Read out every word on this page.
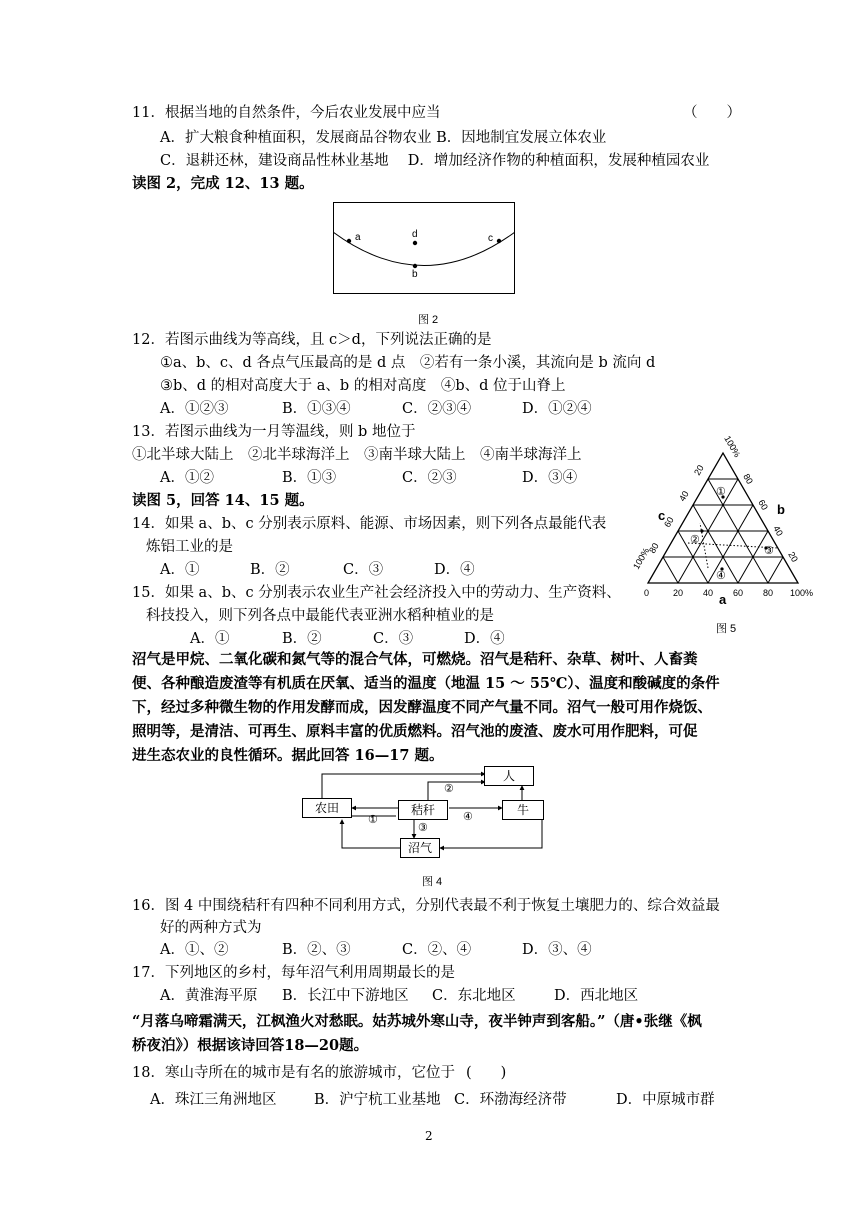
11．根据当地的自然条件，今后农业发展中应当	（　　）
A．扩大粮食种植面积，发展商品谷物农业 B．因地制宜发展立体农业
C．退耕还林，建设商品性林业基地　 D．增加经济作物的种植面积，发展种植园农业
读图 2，完成 12、13 题。
a	d	c
b
图 2
12．若图示曲线为等高线，且 c＞d，下列说法正确的是
①a、b、c、d 各点气压最高的是 d 点　②若有一条小溪，其流向是 b 流向 d
③b、d 的相对高度大于 a、b 的相对高度　④b、d 位于山脊上
A．①②③	B．①③④	C．②③④	D．①②④
13．若图示曲线为一月等温线，则 b 地位于
①北半球大陆上　②北半球海洋上　③南半球大陆上　④南半球海洋上
A．①②	B．①③	C．②③	D．③④
读图 5，回答 14、15 题。
14．如果 a、b、c 分别表示原料、能源、市场因素，则下列各点最能代表
炼铝工业的是
A．①	B．②	C．③	D．④
15．如果 a、b、c 分别表示农业生产社会经济投入中的劳动力、生产资料、
科技投入，则下列各点中最能代表亚洲水稻种植业的是
A．①	B．②	C．③	D．④
①
②
③
④
0	20 40 60 80 100%
a
20
40
60
80
100%
b
100%
80
60
40
20
c
图 5
沼气是甲烷、二氧化碳和氮气等的混合气体，可燃烧。沼气是秸秆、杂草、树叶、人畜粪
便、各种酿造废渣等有机质在厌氧、适当的温度（地温 15 ～ 55℃）、温度和酸碱度的条件
下，经过多种微生物的作用发酵而成，因发酵温度不同产气量不同。沼气一般可用作烧饭、
照明等，是清洁、可再生、原料丰富的优质燃料。沼气池的废渣、废水可用作肥料，可促
进生态农业的良性循环。据此回答 16—17 题。
②
④
①
③
农田	秸秆
人
牛
沼气
图 4
16．图 4 中围绕秸秆有四种不同利用方式，分别代表最不利于恢复土壤肥力的、综合效益最
好的两种方式为
A．①、②	B．②、③	C．②、④	D．③、④
17．下列地区的乡村，每年沼气利用周期最长的是
A．黄淮海平原 B．长江中下游地区 C．东北地区	D．西北地区
“月落乌啼霜满天，江枫渔火对愁眠。姑苏城外寒山寺，夜半钟声到客船。”（唐•张继《枫
桥夜泊》）根据该诗回答18—20题。
18．寒山寺所在的城市是有名的旅游城市，它位于 (　　)
A．珠江三角洲地区	B．沪宁杭工业基地 C．环渤海经济带	D．中原城市群
2
